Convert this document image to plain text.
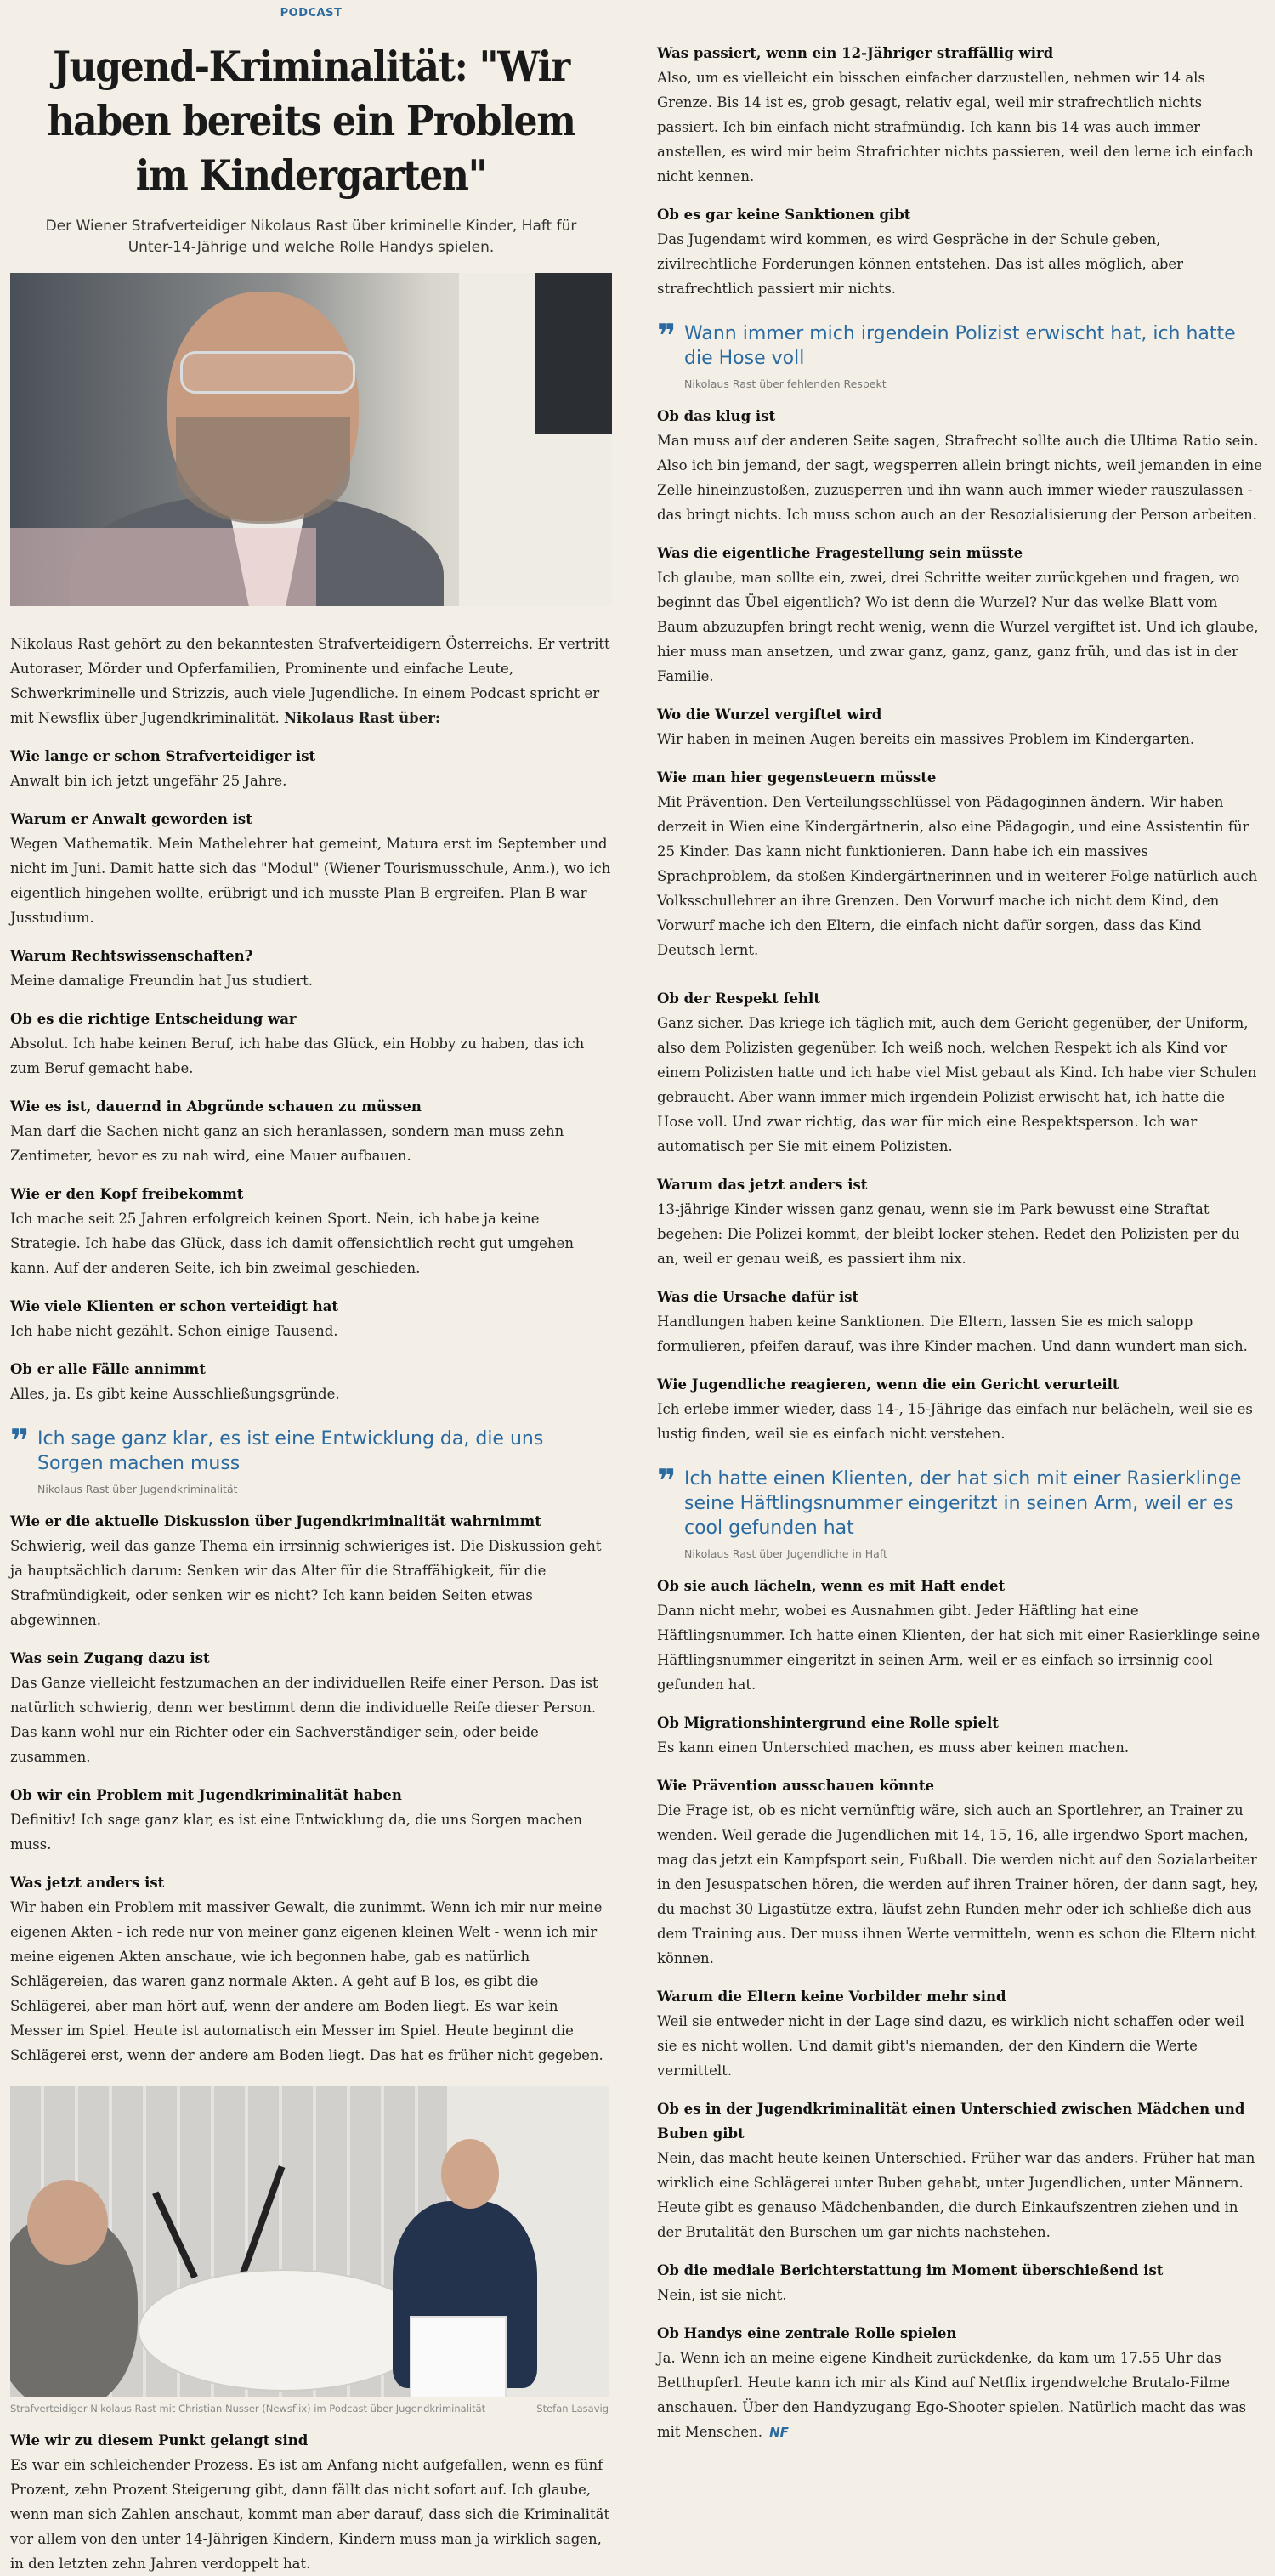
PODCAST
Jugend-Kriminalität: "Wir haben bereits ein Problem im Kindergarten"
Der Wiener Strafverteidiger Nikolaus Rast über kriminelle Kinder, Haft für Unter-14-Jährige und welche Rolle Handys spielen.

Nikolaus Rast gehört zu den bekanntesten Strafverteidigern Österreichs. Er vertritt Autoraser, Mörder und Opferfamilien, Prominente und einfache Leute, Schwerkriminelle und Strizzis, auch viele Jugendliche. In einem Podcast spricht er mit Newsflix über Jugendkriminalität. Nikolaus Rast über:

Wie lange er schon Strafverteidiger ist

Anwalt bin ich jetzt ungefähr 25 Jahre.

Warum er Anwalt geworden ist

Wegen Mathematik. Mein Mathelehrer hat gemeint, Matura erst im September und nicht im Juni. Damit hatte sich das "Modul" (Wiener Tourismusschule, Anm.), wo ich eigentlich hingehen wollte, erübrigt und ich musste Plan B ergreifen. Plan B war Jusstudium.

Warum Rechtswissenschaften?

Meine damalige Freundin hat Jus studiert.

Ob es die richtige Entscheidung war

Absolut. Ich habe keinen Beruf, ich habe das Glück, ein Hobby zu haben, das ich zum Beruf gemacht habe.

Wie es ist, dauernd in Abgründe schauen zu müssen

Man darf die Sachen nicht ganz an sich heranlassen, sondern man muss zehn Zentimeter, bevor es zu nah wird, eine Mauer aufbauen.

Wie er den Kopf freibekommt

Ich mache seit 25 Jahren erfolgreich keinen Sport. Nein, ich habe ja keine Strategie. Ich habe das Glück, dass ich damit offensichtlich recht gut umgehen kann. Auf der anderen Seite, ich bin zweimal geschieden.

Wie viele Klienten er schon verteidigt hat

Ich habe nicht gezählt. Schon einige Tausend.

Ob er alle Fälle annimmt

Alles, ja. Es gibt keine Ausschließungsgründe.

❞ Ich sage ganz klar, es ist eine Entwicklung da, die uns Sorgen machen muss
Nikolaus Rast über Jugendkriminalität
Wie er die aktuelle Diskussion über Jugendkriminalität wahrnimmt

Schwierig, weil das ganze Thema ein irrsinnig schwieriges ist. Die Diskussion geht ja hauptsächlich darum: Senken wir das Alter für die Straffähigkeit, für die Strafmündigkeit, oder senken wir es nicht? Ich kann beiden Seiten etwas abgewinnen.

Was sein Zugang dazu ist

Das Ganze vielleicht festzumachen an der individuellen Reife einer Person. Das ist natürlich schwierig, denn wer bestimmt denn die individuelle Reife dieser Person. Das kann wohl nur ein Richter oder ein Sachverständiger sein, oder beide zusammen.

Ob wir ein Problem mit Jugendkriminalität haben

Definitiv! Ich sage ganz klar, es ist eine Entwicklung da, die uns Sorgen machen muss.

Was jetzt anders ist

Wir haben ein Problem mit massiver Gewalt, die zunimmt. Wenn ich mir nur meine eigenen Akten - ich rede nur von meiner ganz eigenen kleinen Welt - wenn ich mir meine eigenen Akten anschaue, wie ich begonnen habe, gab es natürlich Schlägereien, das waren ganz normale Akten. A geht auf B los, es gibt die Schlägerei, aber man hört auf, wenn der andere am Boden liegt. Es war kein Messer im Spiel. Heute ist automatisch ein Messer im Spiel. Heute beginnt die Schlägerei erst, wenn der andere am Boden liegt. Das hat es früher nicht gegeben.

Strafverteidiger Nikolaus Rast mit Christian Nusser (Newsflix) im Podcast über Jugendkriminalität	Stefan Lasavig
Wie wir zu diesem Punkt gelangt sind

Es war ein schleichender Prozess. Es ist am Anfang nicht aufgefallen, wenn es fünf Prozent, zehn Prozent Steigerung gibt, dann fällt das nicht sofort auf. Ich glaube, wenn man sich Zahlen anschaut, kommt man aber darauf, dass sich die Kriminalität vor allem von den unter 14-Jährigen Kindern, Kindern muss man ja wirklich sagen, in den letzten zehn Jahren verdoppelt hat.

Was passiert, wenn ein 12-Jähriger straffällig wird

Also, um es vielleicht ein bisschen einfacher darzustellen, nehmen wir 14 als Grenze. Bis 14 ist es, grob gesagt, relativ egal, weil mir strafrechtlich nichts passiert. Ich bin einfach nicht strafmündig. Ich kann bis 14 was auch immer anstellen, es wird mir beim Strafrichter nichts passieren, weil den lerne ich einfach nicht kennen.

Ob es gar keine Sanktionen gibt

Das Jugendamt wird kommen, es wird Gespräche in der Schule geben, zivilrechtliche Forderungen können entstehen. Das ist alles möglich, aber strafrechtlich passiert mir nichts.

❞ Wann immer mich irgendein Polizist erwischt hat, ich hatte die Hose voll
Nikolaus Rast über fehlenden Respekt
Ob das klug ist

Man muss auf der anderen Seite sagen, Strafrecht sollte auch die Ultima Ratio sein. Also ich bin jemand, der sagt, wegsperren allein bringt nichts, weil jemanden in eine Zelle hineinzustoßen, zuzusperren und ihn wann auch immer wieder rauszulassen - das bringt nichts. Ich muss schon auch an der Resozialisierung der Person arbeiten.

Was die eigentliche Fragestellung sein müsste

Ich glaube, man sollte ein, zwei, drei Schritte weiter zurückgehen und fragen, wo beginnt das Übel eigentlich? Wo ist denn die Wurzel? Nur das welke Blatt vom Baum abzuzupfen bringt recht wenig, wenn die Wurzel vergiftet ist. Und ich glaube, hier muss man ansetzen, und zwar ganz, ganz, ganz, ganz früh, und das ist in der Familie.

Wo die Wurzel vergiftet wird

Wir haben in meinen Augen bereits ein massives Problem im Kindergarten.

Wie man hier gegensteuern müsste

Mit Prävention. Den Verteilungsschlüssel von Pädagoginnen ändern. Wir haben derzeit in Wien eine Kindergärtnerin, also eine Pädagogin, und eine Assistentin für 25 Kinder. Das kann nicht funktionieren. Dann habe ich ein massives Sprachproblem, da stoßen Kindergärtnerinnen und in weiterer Folge natürlich auch Volksschullehrer an ihre Grenzen. Den Vorwurf mache ich nicht dem Kind, den Vorwurf mache ich den Eltern, die einfach nicht dafür sorgen, dass das Kind Deutsch lernt.

Ob der Respekt fehlt

Ganz sicher. Das kriege ich täglich mit, auch dem Gericht gegenüber, der Uniform, also dem Polizisten gegenüber. Ich weiß noch, welchen Respekt ich als Kind vor einem Polizisten hatte und ich habe viel Mist gebaut als Kind. Ich habe vier Schulen gebraucht. Aber wann immer mich irgendein Polizist erwischt hat, ich hatte die Hose voll. Und zwar richtig, das war für mich eine Respektsperson. Ich war automatisch per Sie mit einem Polizisten.

Warum das jetzt anders ist

13-jährige Kinder wissen ganz genau, wenn sie im Park bewusst eine Straftat begehen: Die Polizei kommt, der bleibt locker stehen. Redet den Polizisten per du an, weil er genau weiß, es passiert ihm nix.

Was die Ursache dafür ist

Handlungen haben keine Sanktionen. Die Eltern, lassen Sie es mich salopp formulieren, pfeifen darauf, was ihre Kinder machen. Und dann wundert man sich.

Wie Jugendliche reagieren, wenn die ein Gericht verurteilt

Ich erlebe immer wieder, dass 14-, 15-Jährige das einfach nur belächeln, weil sie es lustig finden, weil sie es einfach nicht verstehen.

❞ Ich hatte einen Klienten, der hat sich mit einer Rasierklinge seine Häftlingsnummer eingeritzt in seinen Arm, weil er es cool gefunden hat
Nikolaus Rast über Jugendliche in Haft
Ob sie auch lächeln, wenn es mit Haft endet

Dann nicht mehr, wobei es Ausnahmen gibt. Jeder Häftling hat eine Häftlingsnummer. Ich hatte einen Klienten, der hat sich mit einer Rasierklinge seine Häftlingsnummer eingeritzt in seinen Arm, weil er es einfach so irrsinnig cool gefunden hat.

Ob Migrationshintergrund eine Rolle spielt

Es kann einen Unterschied machen, es muss aber keinen machen.

Wie Prävention ausschauen könnte

Die Frage ist, ob es nicht vernünftig wäre, sich auch an Sportlehrer, an Trainer zu wenden. Weil gerade die Jugendlichen mit 14, 15, 16, alle irgendwo Sport machen, mag das jetzt ein Kampfsport sein, Fußball. Die werden nicht auf den Sozialarbeiter in den Jesuspatschen hören, die werden auf ihren Trainer hören, der dann sagt, hey, du machst 30 Ligastütze extra, läufst zehn Runden mehr oder ich schließe dich aus dem Training aus. Der muss ihnen Werte vermitteln, wenn es schon die Eltern nicht können.

Warum die Eltern keine Vorbilder mehr sind

Weil sie entweder nicht in der Lage sind dazu, es wirklich nicht schaffen oder weil sie es nicht wollen. Und damit gibt's niemanden, der den Kindern die Werte vermittelt.

Ob es in der Jugendkriminalität einen Unterschied zwischen Mädchen und Buben gibt

Nein, das macht heute keinen Unterschied. Früher war das anders. Früher hat man wirklich eine Schlägerei unter Buben gehabt, unter Jugendlichen, unter Männern. Heute gibt es genauso Mädchenbanden, die durch Einkaufszentren ziehen und in der Brutalität den Burschen um gar nichts nachstehen.

Ob die mediale Berichterstattung im Moment überschießend ist

Nein, ist sie nicht.

Ob Handys eine zentrale Rolle spielen

Ja. Wenn ich an meine eigene Kindheit zurückdenke, da kam um 17.55 Uhr das Betthupferl. Heute kann ich mir als Kind auf Netflix irgendwelche Brutalo-Filme anschauen. Über den Handyzugang Ego-Shooter spielen. Natürlich macht das was mit Menschen. NF
